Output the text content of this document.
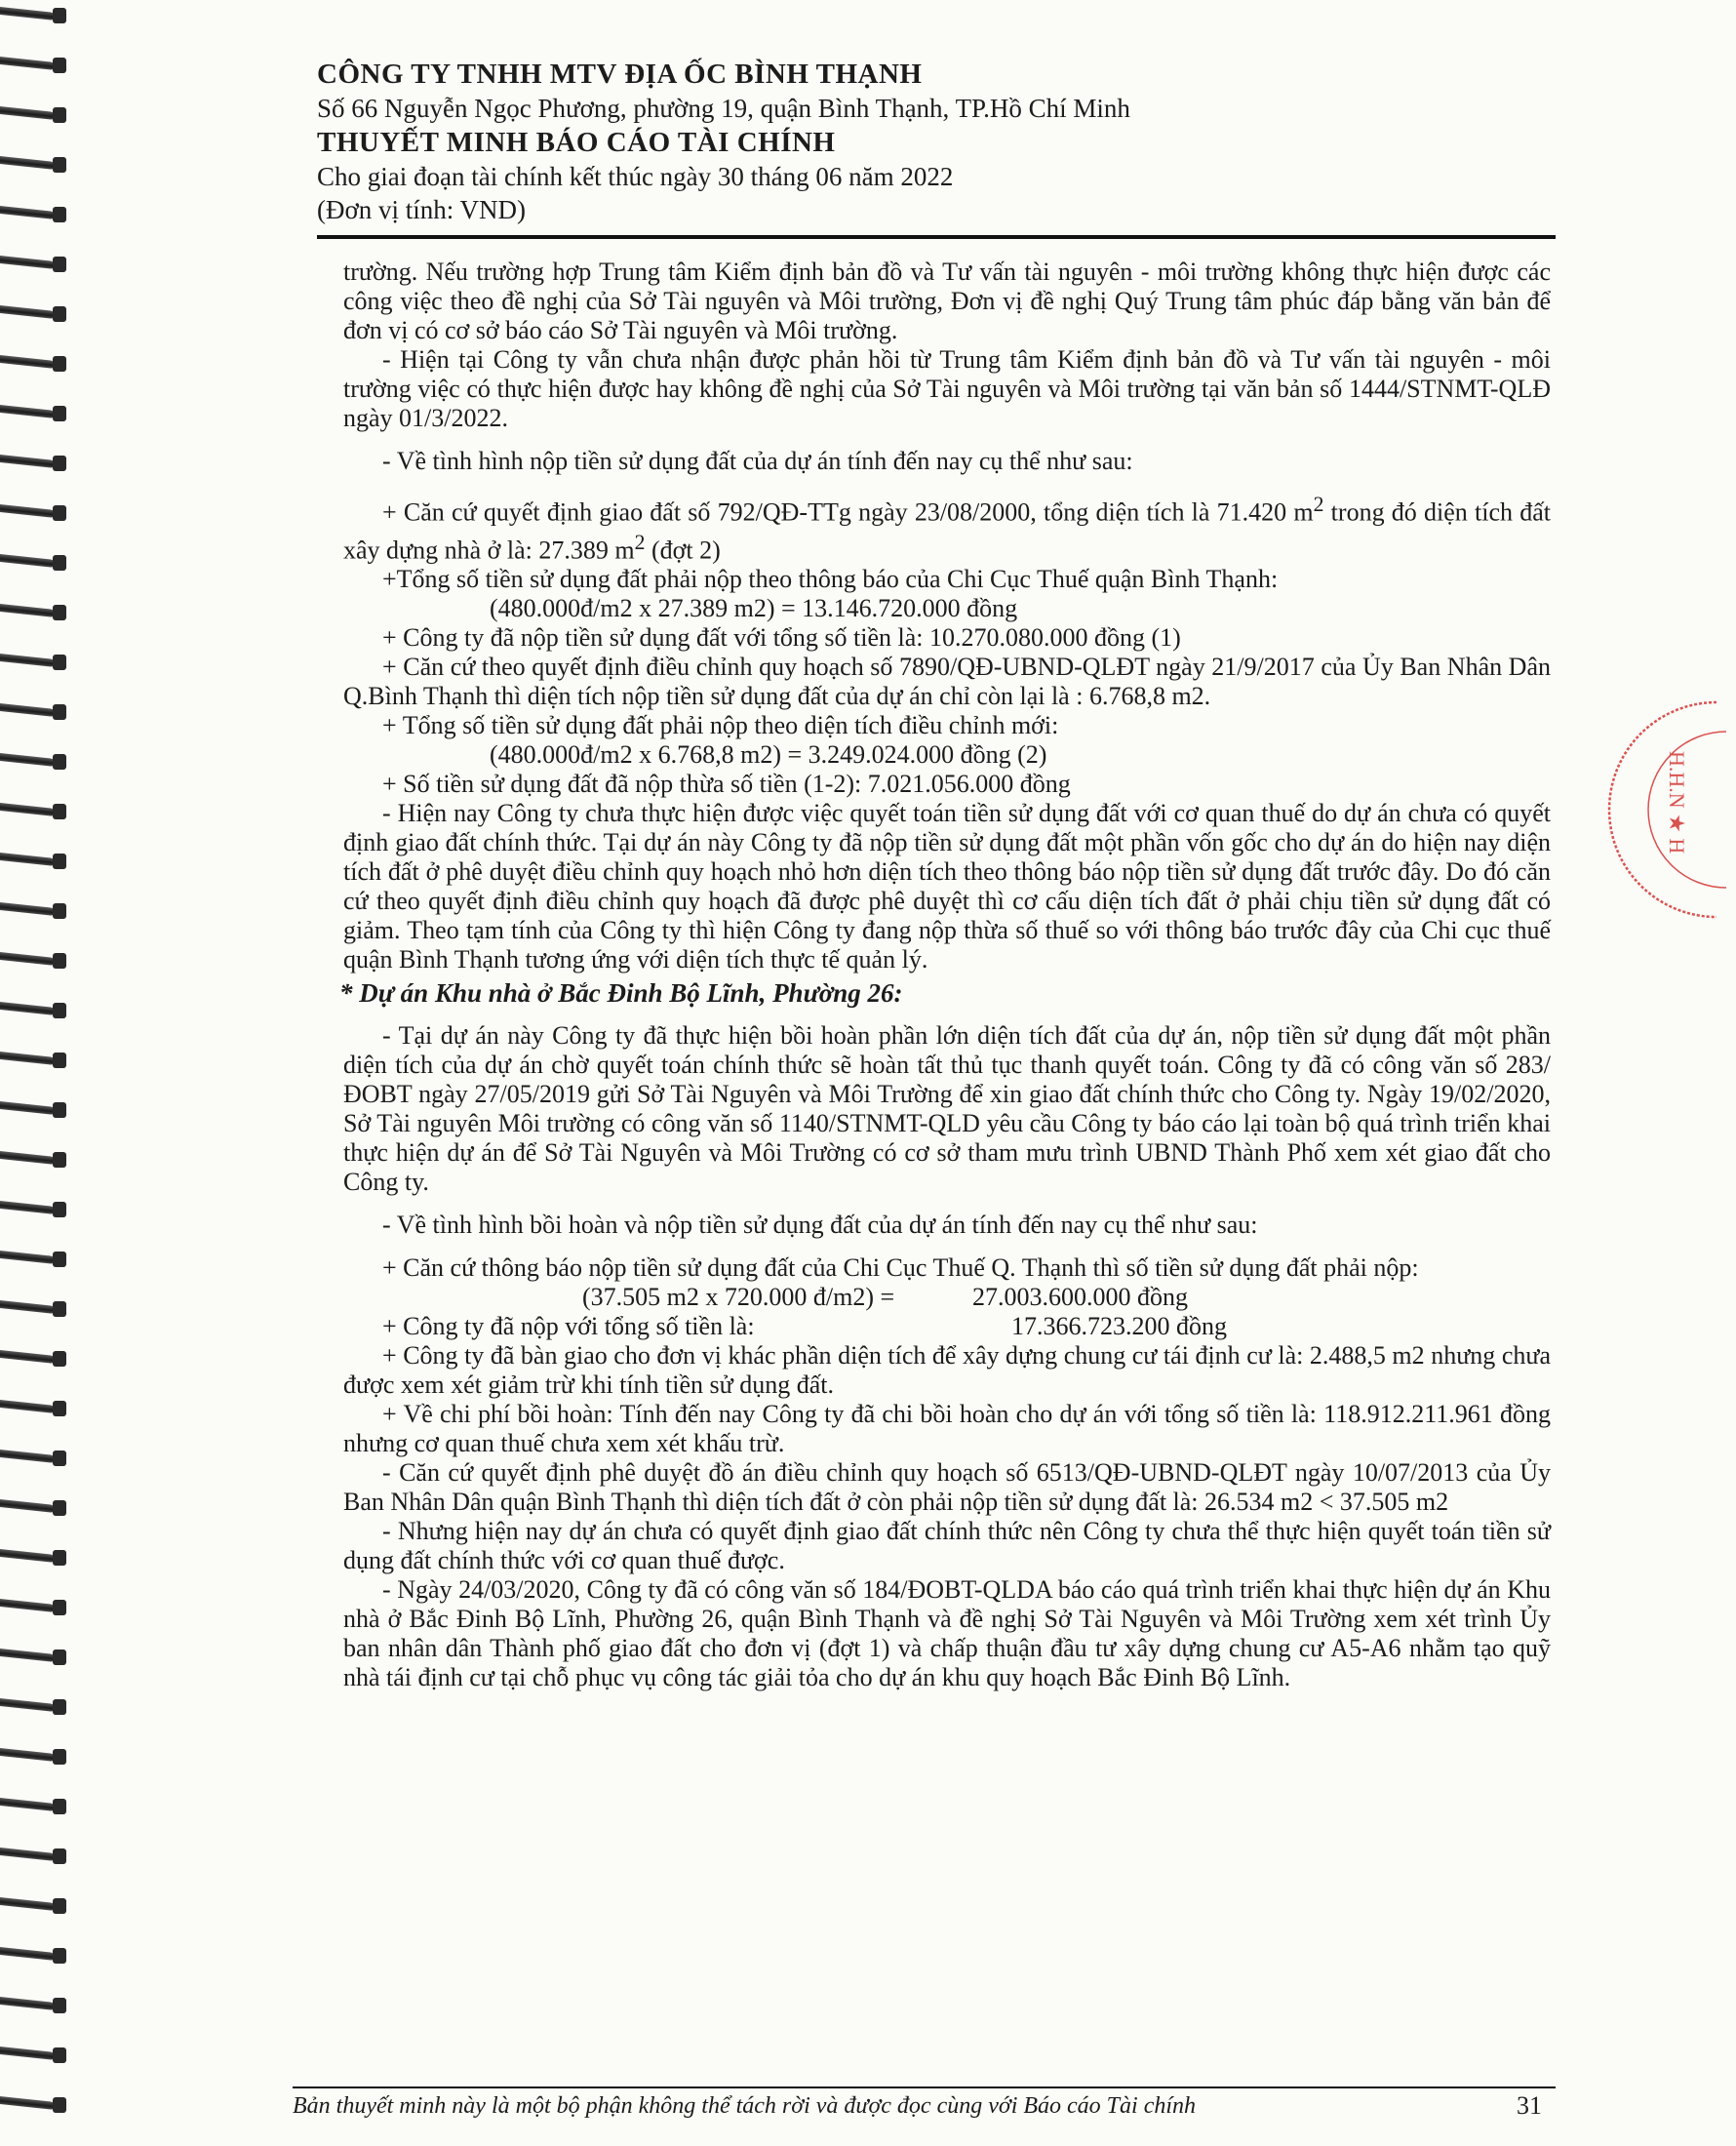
CÔNG TY TNHH MTV ĐỊA ỐC BÌNH THẠNH
Số 66 Nguyễn Ngọc Phương, phường 19, quận Bình Thạnh, TP.Hồ Chí Minh
THUYẾT MINH BÁO CÁO TÀI CHÍNH
Cho giai đoạn tài chính kết thúc ngày 30 tháng 06 năm 2022
(Đơn vị tính: VND)

trường. Nếu trường hợp Trung tâm Kiểm định bản đồ và Tư vấn tài nguyên - môi trường không thực hiện được các công việc theo đề nghị của Sở Tài nguyên và Môi trường, Đơn vị đề nghị Quý Trung tâm phúc đáp bằng văn bản để đơn vị có cơ sở báo cáo Sở Tài nguyên và Môi trường.

- Hiện tại Công ty vẫn chưa nhận được phản hồi từ Trung tâm Kiểm định bản đồ và Tư vấn tài nguyên - môi trường việc có thực hiện được hay không đề nghị của Sở Tài nguyên và Môi trường tại văn bản số 1444/STNMT-QLĐ ngày 01/3/2022.

- Về tình hình nộp tiền sử dụng đất của dự án tính đến nay cụ thể như sau:

+ Căn cứ quyết định giao đất số 792/QĐ-TTg ngày 23/08/2000, tổng diện tích là 71.420 $m^2$ trong đó diện tích đất xây dựng nhà ở là: 27.389 $m^2$ (đợt 2)

+Tổng số tiền sử dụng đất phải nộp theo thông báo của Chi Cục Thuế quận Bình Thạnh:

(480.000đ/m2 x 27.389 m2) = 13.146.720.000 đồng

+ Công ty đã nộp tiền sử dụng đất với tổng số tiền là: 10.270.080.000 đồng (1)

+ Căn cứ theo quyết định điều chỉnh quy hoạch số 7890/QĐ-UBND-QLĐT ngày 21/9/2017 của Ủy Ban Nhân Dân Q.Bình Thạnh thì diện tích nộp tiền sử dụng đất của dự án chỉ còn lại là : 6.768,8 m2.

+ Tổng số tiền sử dụng đất phải nộp theo diện tích điều chỉnh mới:

(480.000đ/m2 x 6.768,8 m2) = 3.249.024.000 đồng (2)

+ Số tiền sử dụng đất đã nộp thừa số tiền (1-2): 7.021.056.000 đồng

- Hiện nay Công ty chưa thực hiện được việc quyết toán tiền sử dụng đất với cơ quan thuế do dự án chưa có quyết định giao đất chính thức. Tại dự án này Công ty đã nộp tiền sử dụng đất một phần vốn gốc cho dự án do hiện nay diện tích đất ở phê duyệt điều chỉnh quy hoạch nhỏ hơn diện tích theo thông báo nộp tiền sử dụng đất trước đây. Do đó căn cứ theo quyết định điều chỉnh quy hoạch đã được phê duyệt thì cơ cấu diện tích đất ở phải chịu tiền sử dụng đất có giảm. Theo tạm tính của Công ty thì hiện Công ty đang nộp thừa số thuế so với thông báo trước đây của Chi cục thuế quận Bình Thạnh tương ứng với diện tích thực tế quản lý.

* Dự án Khu nhà ở Bắc Đinh Bộ Lĩnh, Phường 26:

- Tại dự án này Công ty đã thực hiện bồi hoàn phần lớn diện tích đất của dự án, nộp tiền sử dụng đất một phần diện tích của dự án chờ quyết toán chính thức sẽ hoàn tất thủ tục thanh quyết toán. Công ty đã có công văn số 283/ĐOBT ngày 27/05/2019 gửi Sở Tài Nguyên và Môi Trường để xin giao đất chính thức cho Công ty. Ngày 19/02/2020, Sở Tài nguyên Môi trường có công văn số 1140/STNMT-QLD yêu cầu Công ty báo cáo lại toàn bộ quá trình triển khai thực hiện dự án để Sở Tài Nguyên và Môi Trường có cơ sở tham mưu trình UBND Thành Phố xem xét giao đất cho Công ty.

- Về tình hình bồi hoàn và nộp tiền sử dụng đất của dự án tính đến nay cụ thể như sau:

+ Căn cứ thông báo nộp tiền sử dụng đất của Chi Cục Thuế Q. Thạnh thì số tiền sử dụng đất phải nộp:

(37.505 m2 x 720.000 đ/m2) =	27.003.600.000 đồng
+ Công ty đã nộp với tổng số tiền là:	17.366.723.200 đồng

+ Công ty đã bàn giao cho đơn vị khác phần diện tích để xây dựng chung cư tái định cư là: 2.488,5 m2 nhưng chưa được xem xét giảm trừ khi tính tiền sử dụng đất.

+ Về chi phí bồi hoàn: Tính đến nay Công ty đã chi bồi hoàn cho dự án với tổng số tiền là: 118.912.211.961 đồng nhưng cơ quan thuế chưa xem xét khấu trừ.

- Căn cứ quyết định phê duyệt đồ án điều chỉnh quy hoạch số 6513/QĐ-UBND-QLĐT ngày 10/07/2013 của Ủy Ban Nhân Dân quận Bình Thạnh thì diện tích đất ở còn phải nộp tiền sử dụng đất là: 26.534 m2 < 37.505 m2

- Nhưng hiện nay dự án chưa có quyết định giao đất chính thức nên Công ty chưa thể thực hiện quyết toán tiền sử dụng đất chính thức với cơ quan thuế được.

- Ngày 24/03/2020, Công ty đã có công văn số 184/ĐOBT-QLDA báo cáo quá trình triển khai thực hiện dự án Khu nhà ở Bắc Đinh Bộ Lĩnh, Phường 26, quận Bình Thạnh và đề nghị Sở Tài Nguyên và Môi Trường xem xét trình Ủy ban nhân dân Thành phố giao đất cho đơn vị (đợt 1) và chấp thuận đầu tư xây dựng chung cư A5-A6 nhằm tạo quỹ nhà tái định cư tại chỗ phục vụ công tác giải tỏa cho dự án khu quy hoạch Bắc Đinh Bộ Lĩnh.

H.H.N ★ H
Bản thuyết minh này là một bộ phận không thể tách rời và được đọc cùng với Báo cáo Tài chính	31
